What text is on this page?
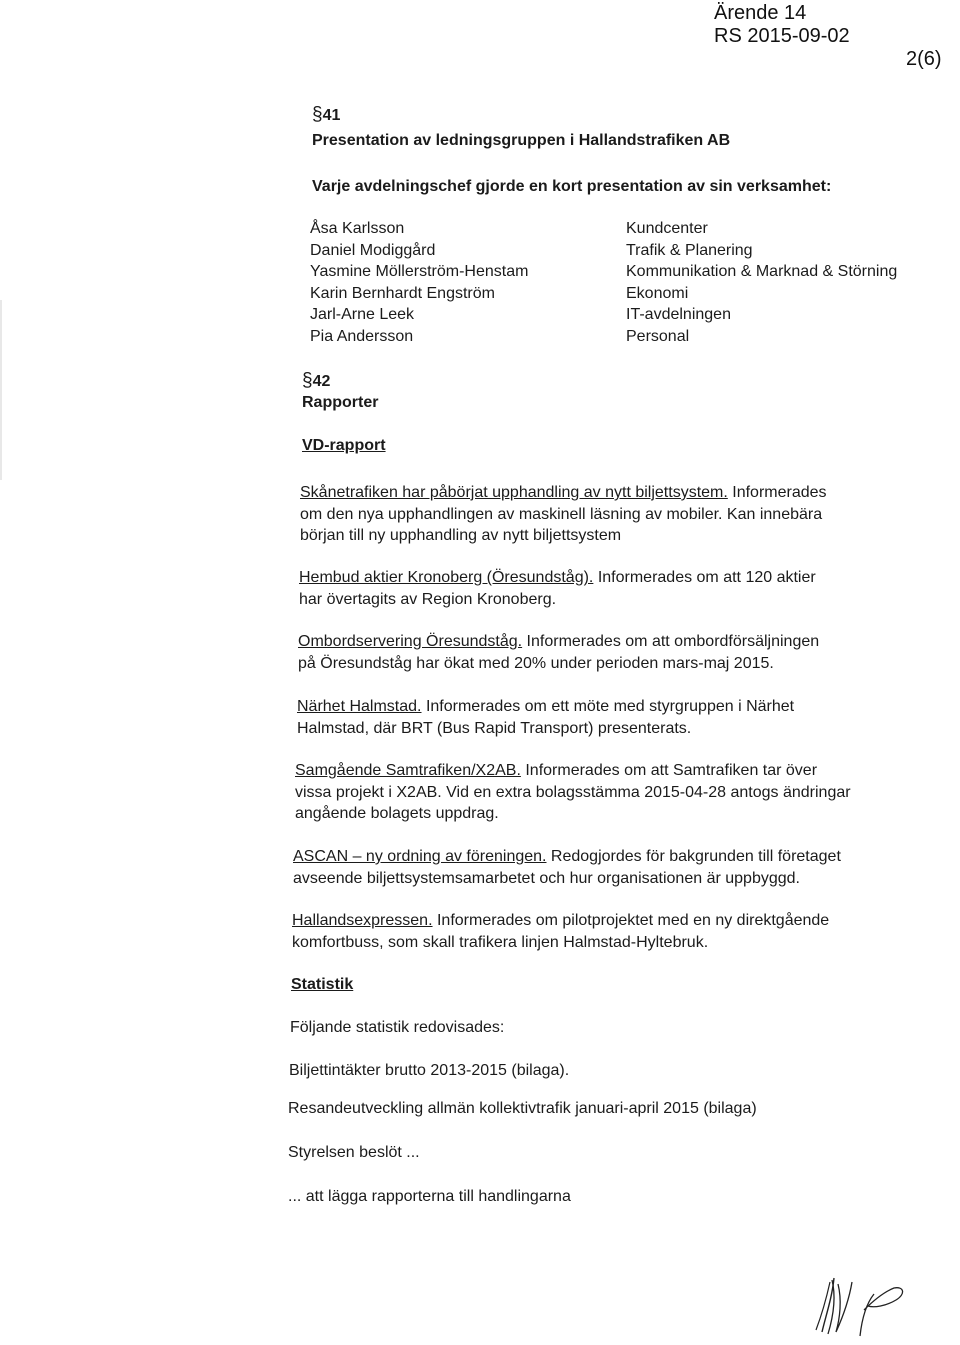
Ärende 14
RS 2015-09-02
2(6)
§41
Presentation av ledningsgruppen i Hallandstrafiken AB
Varje avdelningschef gjorde en kort presentation av sin verksamhet:
Åsa Karlsson
Daniel Modiggård
Yasmine Möllerström-Henstam
Karin Bernhardt Engström
Jarl-Arne Leek
Pia Andersson
Kundcenter
Trafik & Planering
Kommunikation & Marknad & Störning
Ekonomi
IT-avdelningen
Personal
§42
Rapporter
VD-rapport
Skånetrafiken har påbörjat upphandling av nytt biljettsystem. Informerades
om den nya upphandlingen av maskinell läsning av mobiler. Kan innebära
början till ny upphandling av nytt biljettsystem
Hembud aktier Kronoberg (Öresundståg). Informerades om att 120 aktier
har övertagits av Region Kronoberg.
Ombordservering Öresundståg. Informerades om att ombordförsäljningen
på Öresundståg har ökat med 20% under perioden mars-maj 2015.
Närhet Halmstad. Informerades om ett möte med styrgruppen i Närhet
Halmstad, där BRT (Bus Rapid Transport) presenterats.
Samgående Samtrafiken/X2AB. Informerades om att Samtrafiken tar över
vissa projekt i X2AB. Vid en extra bolagsstämma 2015-04-28 antogs ändringar
angående bolagets uppdrag.
ASCAN – ny ordning av föreningen. Redogjordes för bakgrunden till företaget
avseende biljettsystemsamarbetet och hur organisationen är uppbyggd.
Hallandsexpressen. Informerades om pilotprojektet med en ny direktgående
komfortbuss, som skall trafikera linjen Halmstad-Hyltebruk.
Statistik
Följande statistik redovisades:
Biljettintäkter brutto 2013-2015 (bilaga).
Resandeutveckling allmän kollektivtrafik januari-april 2015 (bilaga)
Styrelsen beslöt ...
... att lägga rapporterna till handlingarna
